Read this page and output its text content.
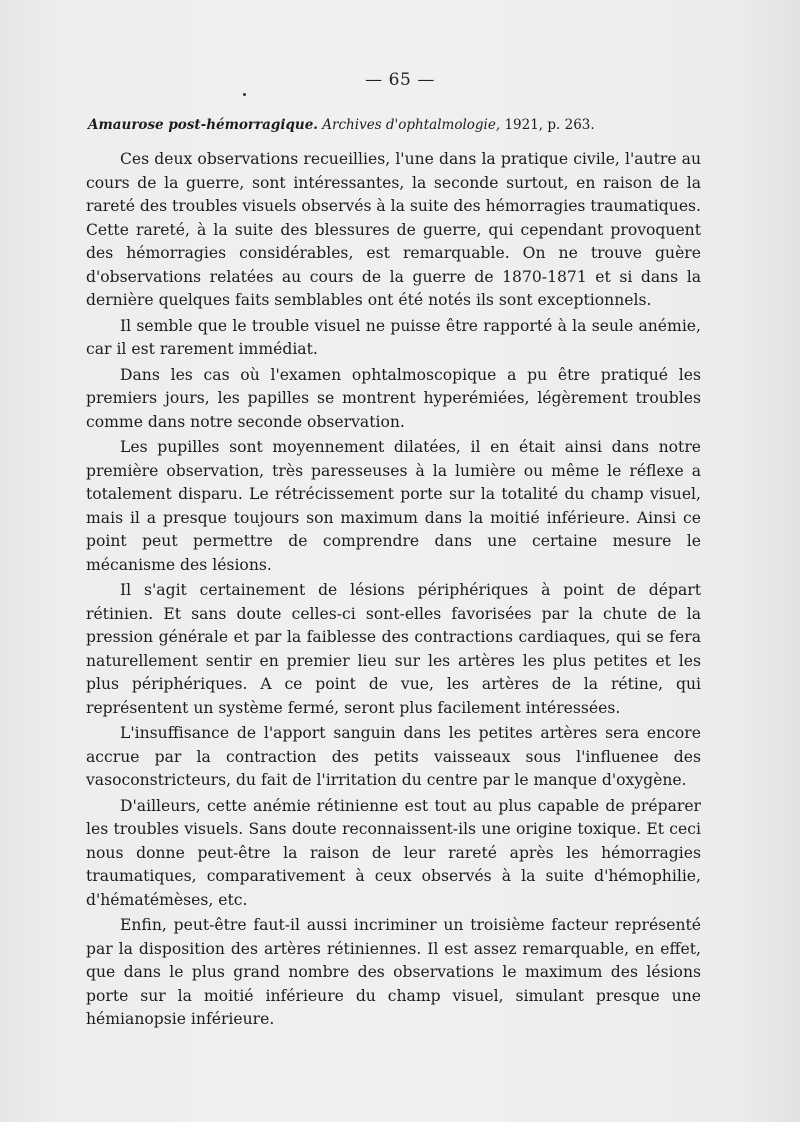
— 65 —
Amaurose post-hémorragique. Archives d'ophtalmologie, 1921, p. 263.

Ces deux observations recueillies, l'une dans la pratique civile, l'autre au cours de la guerre, sont intéressantes, la seconde surtout, en raison de la rareté des troubles visuels observés à la suite des hémorragies traumatiques. Cette rareté, à la suite des blessures de guerre, qui cependant provoquent des hémorragies considérables, est remarquable. On ne trouve guère d'observations relatées au cours de la guerre de 1870-1871 et si dans la dernière quelques faits semblables ont été notés ils sont exceptionnels.

Il semble que le trouble visuel ne puisse être rapporté à la seule anémie, car il est rarement immédiat.

Dans les cas où l'examen ophtalmoscopique a pu être pratiqué les premiers jours, les papilles se montrent hyperémiées, légèrement troubles comme dans notre seconde observation.

Les pupilles sont moyennement dilatées, il en était ainsi dans notre première observation, très paresseuses à la lumière ou même le réflexe a totalement disparu. Le rétrécissement porte sur la totalité du champ visuel, mais il a presque toujours son maximum dans la moitié inférieure. Ainsi ce point peut permettre de comprendre dans une certaine mesure le mécanisme des lésions.

Il s'agit certainement de lésions périphériques à point de départ rétinien. Et sans doute celles-ci sont-elles favorisées par la chute de la pression générale et par la faiblesse des contractions cardiaques, qui se fera naturellement sentir en premier lieu sur les artères les plus petites et les plus périphériques. A ce point de vue, les artères de la rétine, qui représentent un système fermé, seront plus facilement intéressées.

L'insuffisance de l'apport sanguin dans les petites artères sera encore accrue par la contraction des petits vaisseaux sous l'influenee des vasoconstricteurs, du fait de l'irritation du centre par le manque d'oxygène.

D'ailleurs, cette anémie rétinienne est tout au plus capable de préparer les troubles visuels. Sans doute reconnaissent-ils une origine toxique. Et ceci nous donne peut-être la raison de leur rareté après les hémorragies traumatiques, comparativement à ceux observés à la suite d'hémophilie, d'hématémèses, etc.

Enfin, peut-être faut-il aussi incriminer un troisième facteur représenté par la disposition des artères rétiniennes. Il est assez remarquable, en effet, que dans le plus grand nombre des observations le maximum des lésions porte sur la moitié inférieure du champ visuel, simulant presque une hémianopsie inférieure.
